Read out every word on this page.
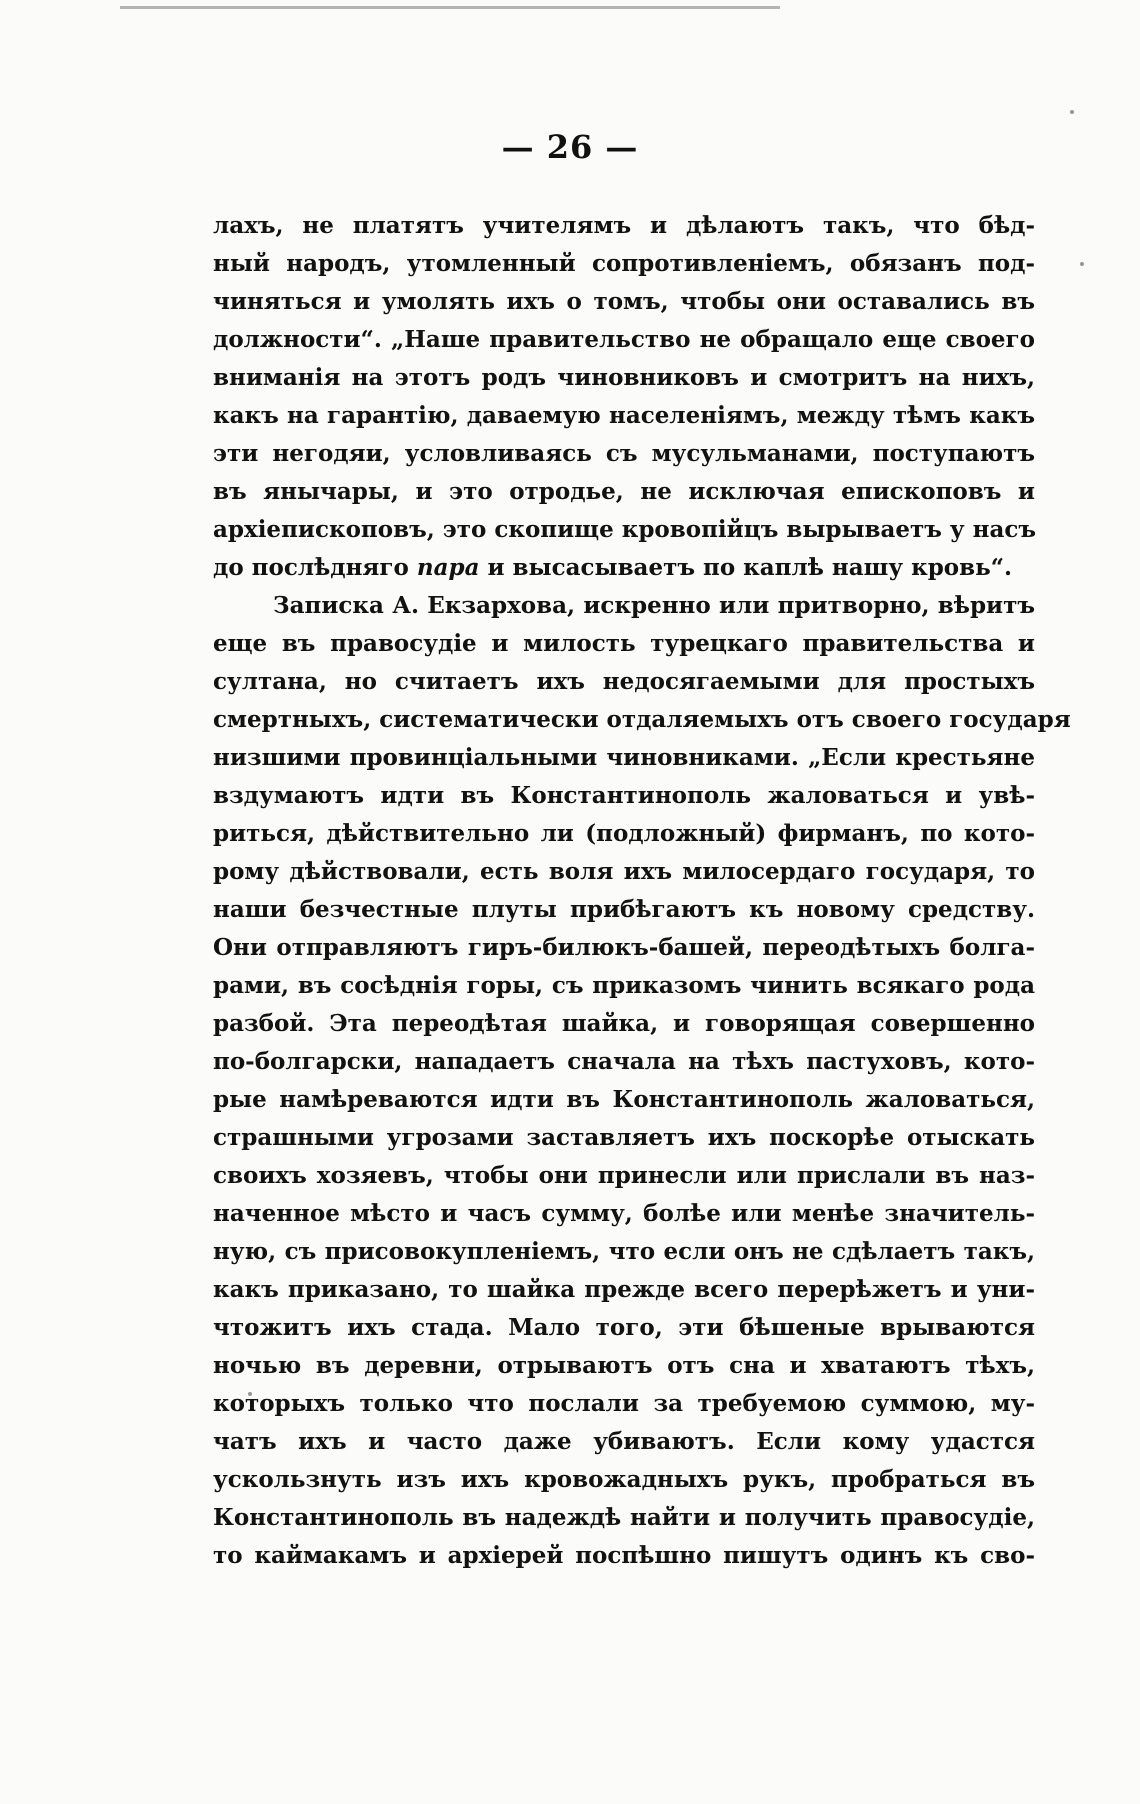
— 26 —
лахъ, не платятъ учителямъ и дѣлаютъ такъ, что бѣд-
ный народъ, утомленный сопротивленіемъ, обязанъ под-
чиняться и умолять ихъ о томъ, чтобы они оставались въ
должности“. „Наше правительство не обращало еще своего
вниманія на этотъ родъ чиновниковъ и смотритъ на нихъ,
какъ на гарантію, даваемую населеніямъ, между тѣмъ какъ
эти негодяи, условливаясь съ мусульманами, поступаютъ
въ янычары, и это отродье, не исключая епископовъ и
архіепископовъ, это скопище кровопійцъ вырываетъ у насъ
до послѣдняго пара и высасываетъ по каплѣ нашу кровь“.
Записка А. Екзархова, искренно или притворно, вѣритъ
еще въ правосудіе и милость турецкаго правительства и
султана, но считаетъ ихъ недосягаемыми для простыхъ
смертныхъ, систематически отдаляемыхъ отъ своего государя
низшими провинціальными чиновниками. „Если крестьяне
вздумаютъ идти въ Константинополь жаловаться и увѣ-
риться, дѣйствительно ли (подложный) фирманъ, по кото-
рому дѣйствовали, есть воля ихъ милосердаго государя, то
наши безчестные плуты прибѣгаютъ къ новому средству.
Они отправляютъ гиръ-билюкъ-башей, переодѣтыхъ болга-
рами, въ сосѣднія горы, съ приказомъ чинить всякаго рода
разбой. Эта переодѣтая шайка, и говорящая совершенно
по-болгарски, нападаетъ сначала на тѣхъ пастуховъ, кото-
рые намѣреваются идти въ Константинополь жаловаться,
страшными угрозами заставляетъ ихъ поскорѣе отыскать
своихъ хозяевъ, чтобы они принесли или прислали въ наз-
наченное мѣсто и часъ сумму, болѣе или менѣе значитель-
ную, съ присовокупленіемъ, что если онъ не сдѣлаетъ такъ,
какъ приказано, то шайка прежде всего перерѣжетъ и уни-
чтожитъ ихъ стада. Мало того, эти бѣшеные врываются
ночью въ деревни, отрываютъ отъ сна и хватаютъ тѣхъ,
которыхъ только что послали за требуемою суммою, му-
чатъ ихъ и часто даже убиваютъ. Если кому удастся
ускользнуть изъ ихъ кровожадныхъ рукъ, пробраться въ
Константинополь въ надеждѣ найти и получить правосудіе,
то каймакамъ и архіерей поспѣшно пишутъ одинъ къ сво-
